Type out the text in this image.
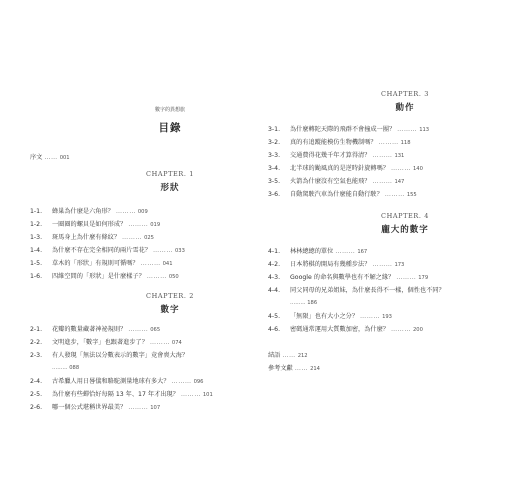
數字的異想旅
目錄
序文 …… 001
CHAPTER. 1
形狀
1-1. 蜂巢為什麼是六角形？ ……… 009
1-2. 一圈圈的螺貝是如何形成？ ……… 019
1-3. 斑馬身上為什麼有條紋？ ……… 025
1-4. 為什麼不存在完全相同的兩片雪花？ ……… 033
1-5. 草木的「形狀」有規則可循嗎？ ……… 041
1-6. 四維空間的「形狀」是什麼樣子？ ……… 050
CHAPTER. 2
數字
2-1. 花瓣的數量藏著神祕規則？ ……… 065
2-2. 文明進步，「數字」也跟著進步了？ ……… 074
2-3. 有人發現「無法以分數表示的數字」竟會喪大海？
……… 088
2-4. 古希臘人用日晷儀和駱駝測量地球有多大？ ……… 096
2-5. 為什麼有些蟬恰好每隔 13 年、17 年才出現？ ……… 101
2-6. 哪一個公式堪稱世界最美？ ……… 107
CHAPTER. 3
動作
3-1. 為什麼轉陀天際的飛群不會撞成一團？ ……… 113
3-2. 真的有追蹤能模仿生物機制嗎？ ……… 118
3-3. 交通費得花幾千年才算得清？ ……… 131
3-4. 北半球的颱風真的是逆時針旋轉嗎？ ……… 140
3-5. 火箭為什麼沒有空氣也能飛？ ……… 147
3-6. 自動駕駛汽車為什麼能自動行駛？ ……… 155
CHAPTER. 4
龐大的數字
4-1. 林林總總的單位 ……… 167
4-2. 日本將棋的開局有幾種步法？ ……… 173
4-3. Google 的命名與數學也有不解之緣？ ……… 179
4-4. 同父同母的兄弟姐妹，為什麼長得不一樣，個性也不同？
……… 186
4-5. 「無限」也有大小之分？ ……… 193
4-6. 密碼通常運用大質數加密，為什麼？ ……… 200
結語 …… 212
參考文獻 …… 214
